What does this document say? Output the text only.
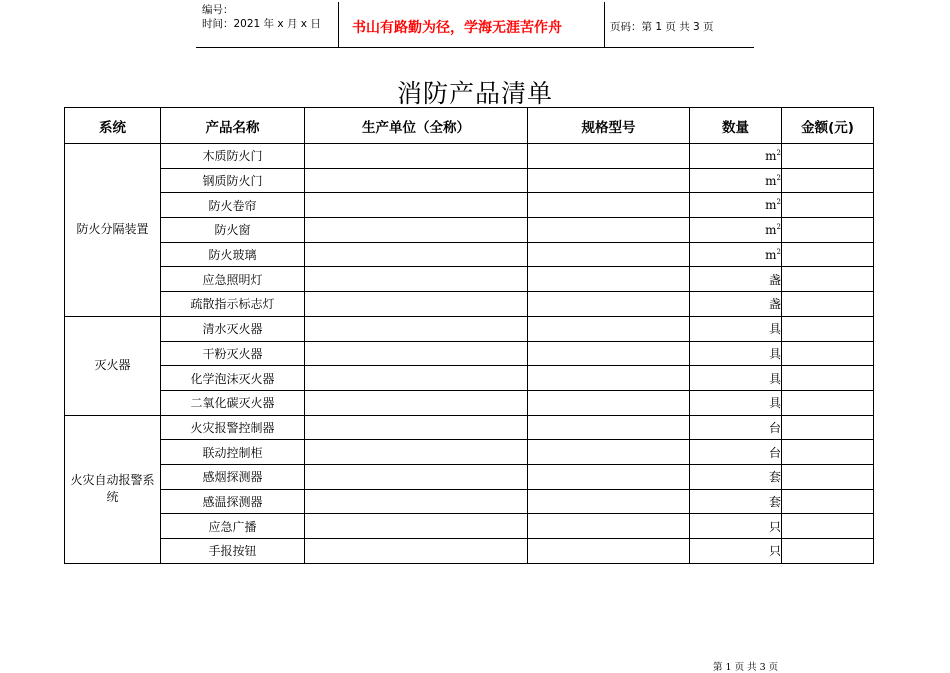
编号：
时间：2021 年 x 月 x 日 书山有路勤为径，学海无涯苦作舟	页码：第 1 页 共 3 页
消防产品清单
系统	产品名称	生产单位（全称）	规格型号	数量	金额(元)
防火分隔装置	木质防火门			$m^2$	
	钢质防火门			$m^2$	
	防火卷帘			$m^2$	
	防火窗			$m^2$	
	防火玻璃			$m^2$	
	应急照明灯			盏	
	疏散指示标志灯			盏	
灭火器	清水灭火器			具	
	干粉灭火器			具	
	化学泡沫灭火器			具	
	二氧化碳灭火器			具	
火灾自动报警系统	火灾报警控制器			台	
	联动控制柜			台	
	感烟探测器			套	
	感温探测器			套	
	应急广播			只	
	手报按钮			只	
第 1 页 共 3 页
